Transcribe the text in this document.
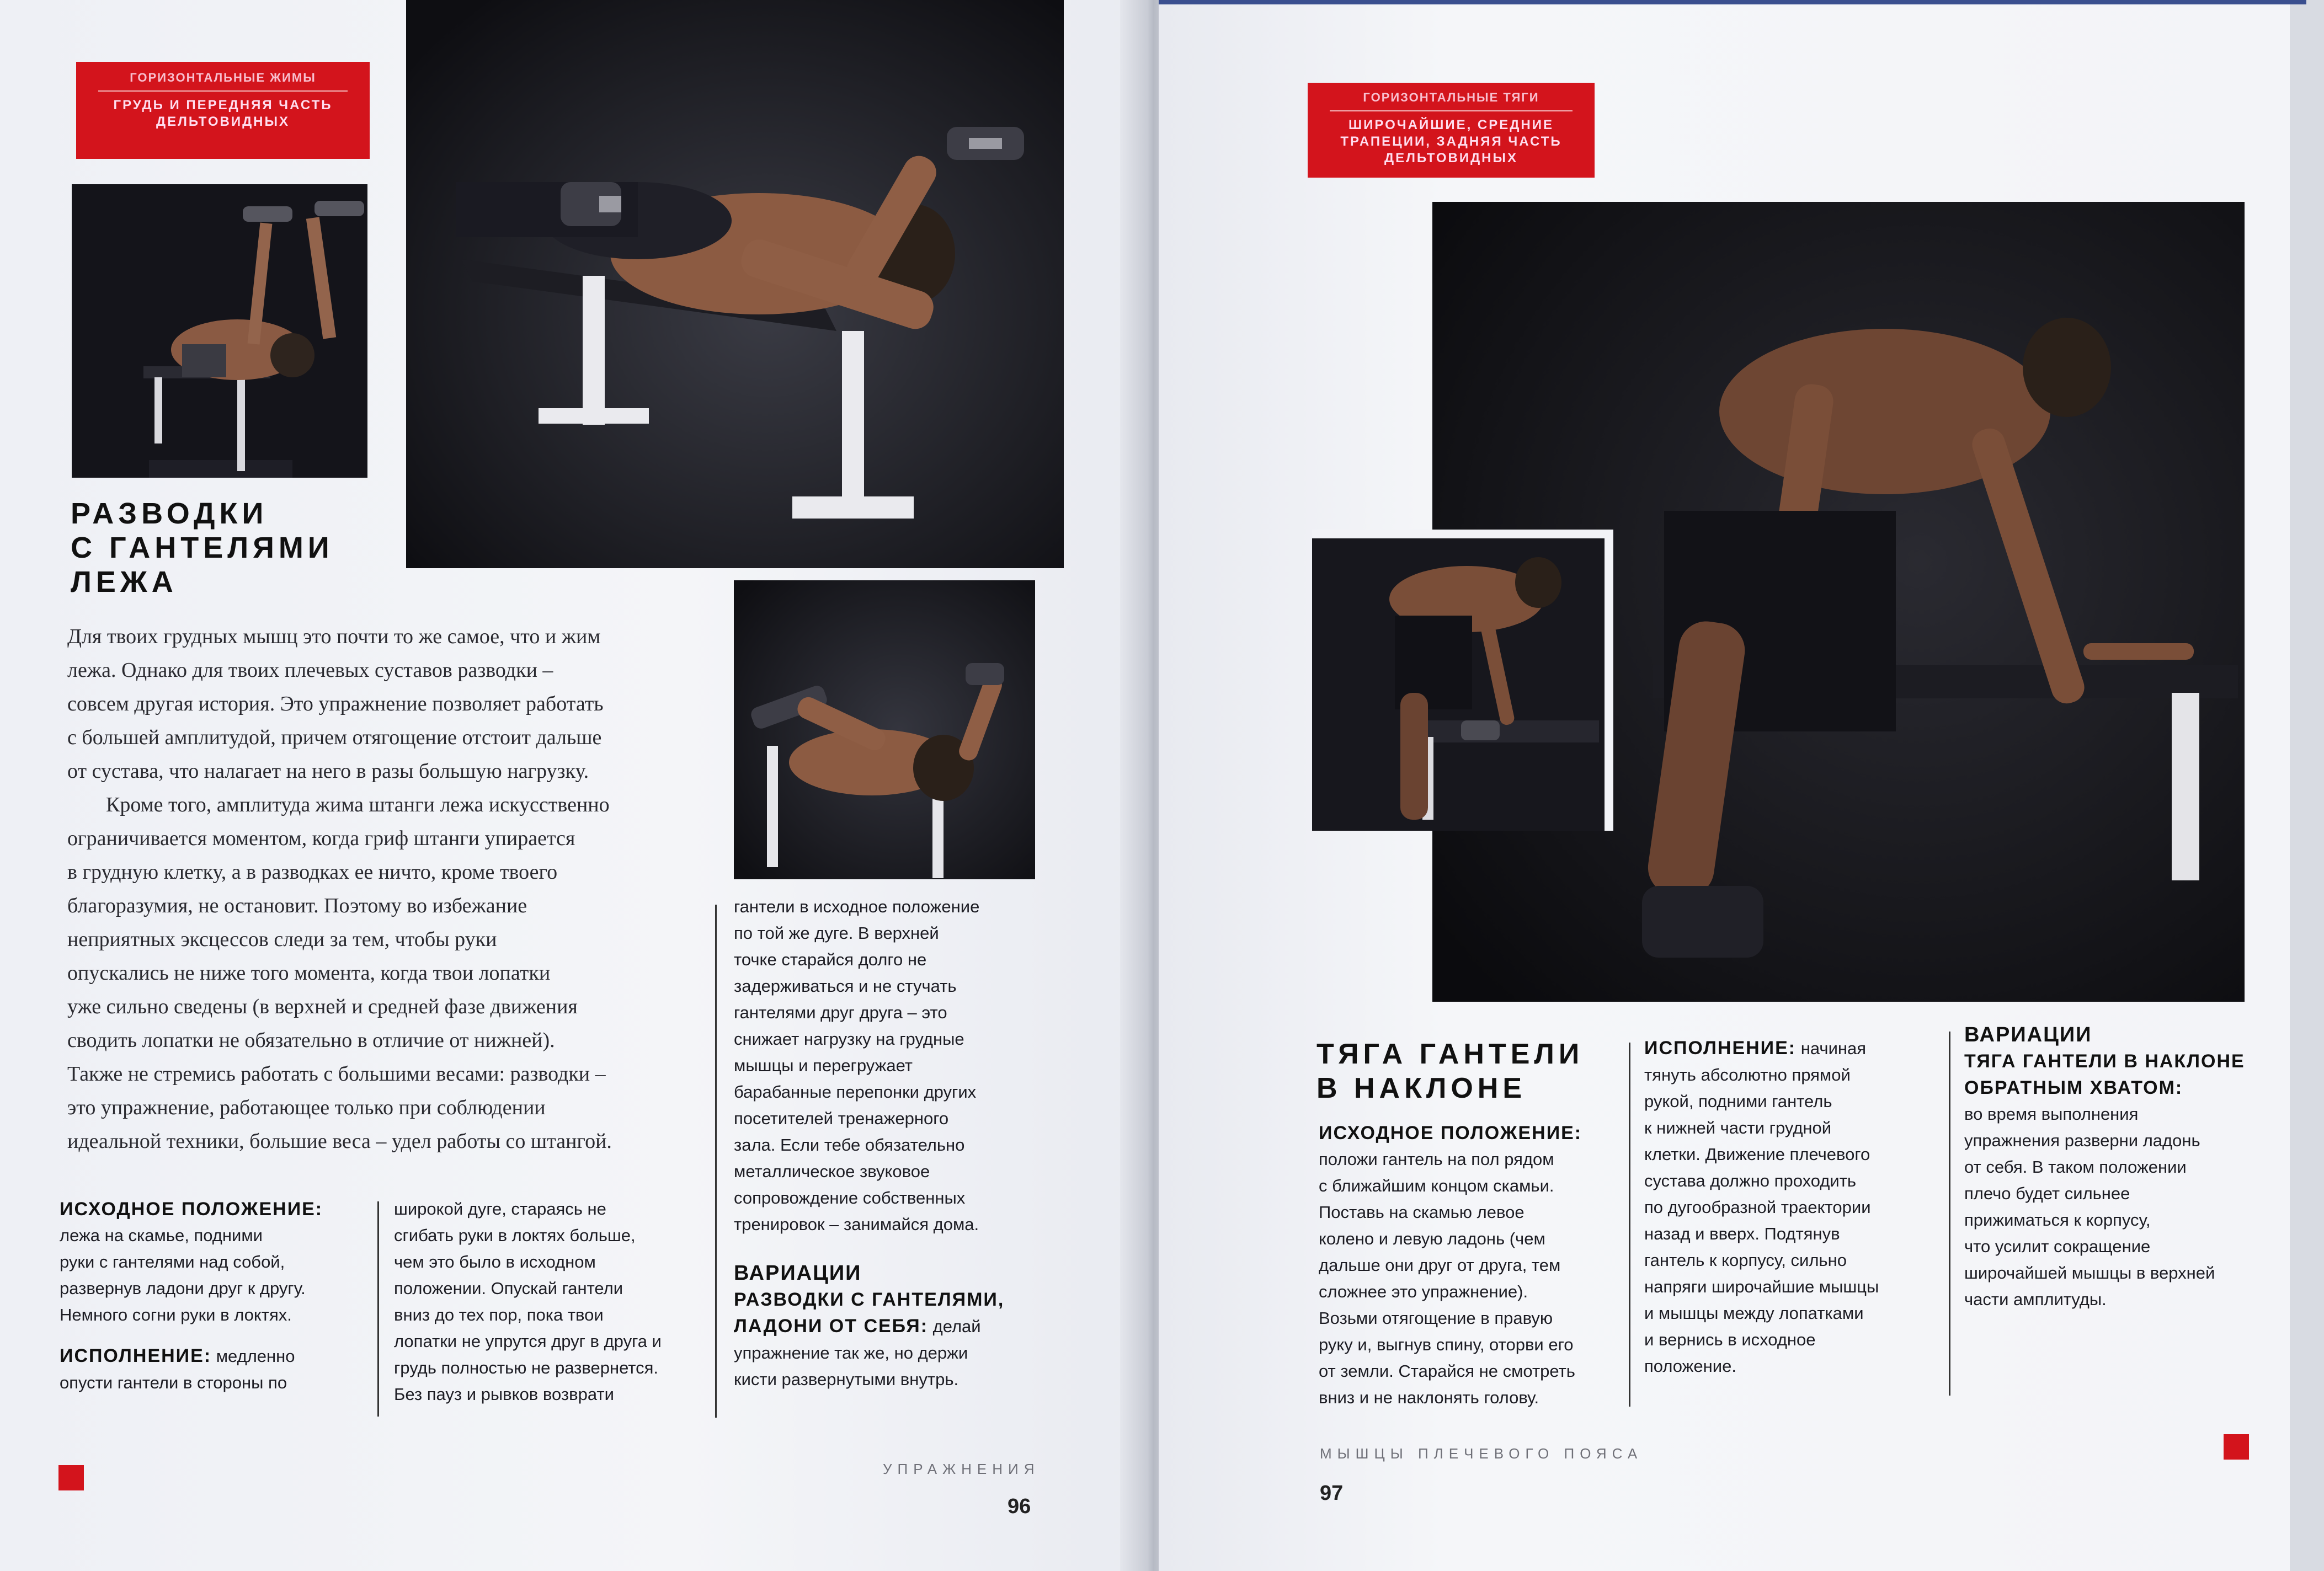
ГОРИЗОНТАЛЬНЫЕ ЖИМЫ
ГРУДЬ И ПЕРЕДНЯЯ ЧАСТЬ ДЕЛЬТОВИДНЫХ
РАЗВОДКИ
С ГАНТЕЛЯМИ
ЛЕЖА

Для твоих грудных мышц это почти то же самое, что и жим

лежа. Однако для твоих плечевых суставов разводки –

совсем другая история. Это упражнение позволяет работать

с большей амплитудой, причем отягощение отстоит дальше

от сустава, что налагает на него в разы большую нагрузку.

Кроме того, амплитуда жима штанги лежа искусственно

ограничивается моментом, когда гриф штанги упирается

в грудную клетку, а в разводках ее ничто, кроме твоего

благоразумия, не остановит. Поэтому во избежание

неприятных эксцессов следи за тем, чтобы руки

опускались не ниже того момента, когда твои лопатки

уже сильно сведены (в верхней и средней фазе движения

сводить лопатки не обязательно в отличие от нижней).

Также не стремись работать с большими весами: разводки –

это упражнение, работающее только при соблюдении

идеальной техники, большие веса – удел работы со штангой.

ИСХОДНОЕ ПОЛОЖЕНИЕ:
лежа на скамье, подними
руки с гантелями над собой,
развернув ладони друг к другу.
Немного согни руки в локтях.
ИСПОЛНЕНИЕ: медленно
опусти гантели в стороны по
широкой дуге, стараясь не
сгибать руки в локтях больше,
чем это было в исходном
положении. Опускай гантели
вниз до тех пор, пока твои
лопатки не упрутся друг в друга и
грудь полностью не развернется.
Без пауз и рывков возврати
гантели в исходное положение
по той же дуге. В верхней
точке старайся долго не
задерживаться и не стучать
гантелями друг друга – это
снижает нагрузку на грудные
мышцы и перегружает
барабанные перепонки других
посетителей тренажерного
зала. Если тебе обязательно
металлическое звуковое
сопровождение собственных
тренировок – занимайся дома.
ВАРИАЦИИ
РАЗВОДКИ С ГАНТЕЛЯМИ,
ЛАДОНИ ОТ СЕБЯ: делай
упражнение так же, но держи
кисти развернутыми внутрь.
УПРАЖНЕНИЯ
96
ГОРИЗОНТАЛЬНЫЕ ТЯГИ
ШИРОЧАЙШИЕ, СРЕДНИЕ ТРАПЕЦИИ, ЗАДНЯЯ ЧАСТЬ ДЕЛЬТОВИДНЫХ
ТЯГА ГАНТЕЛИ
В НАКЛОНЕ
ИСХОДНОЕ ПОЛОЖЕНИЕ:
положи гантель на пол рядом
с ближайшим концом скамьи.
Поставь на скамью левое
колено и левую ладонь (чем
дальше они друг от друга, тем
сложнее это упражнение).
Возьми отягощение в правую
руку и, выгнув спину, оторви его
от земли. Старайся не смотреть
вниз и не наклонять голову.
ИСПОЛНЕНИЕ: начиная
тянуть абсолютно прямой
рукой, подними гантель
к нижней части грудной
клетки. Движение плечевого
сустава должно проходить
по дугообразной траектории
назад и вверх. Подтянув
гантель к корпусу, сильно
напряги широчайшие мышцы
и мышцы между лопатками
и вернись в исходное
положение.
ВАРИАЦИИ
ТЯГА ГАНТЕЛИ В НАКЛОНЕ
ОБРАТНЫМ ХВАТОМ:
во время выполнения
упражнения разверни ладонь
от себя. В таком положении
плечо будет сильнее
прижиматься к корпусу,
что усилит сокращение
широчайшей мышцы в верхней
части амплитуды.
МЫШЦЫ ПЛЕЧЕВОГО ПОЯСА
97
